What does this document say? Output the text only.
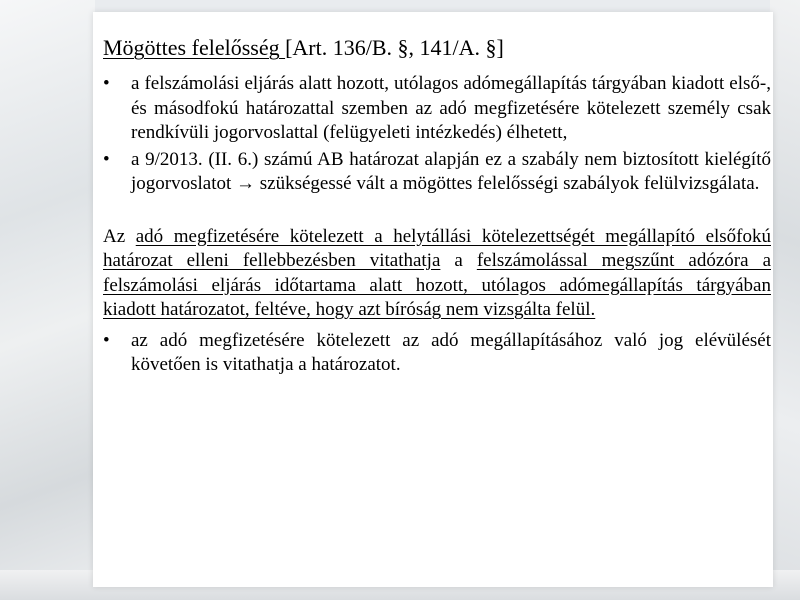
Mögöttes felelősség [Art. 136/B. §, 141/A. §]
• a felszámolási eljárás alatt hozott, utólagos adómegállapítás tárgyában kiadott első-, és másodfokú határozattal szemben az adó megfizetésére kötelezett személy csak rendkívüli jogorvoslattal (felügyeleti intézkedés) élhetett,
• a 9/2013. (II. 6.) számú AB határozat alapján ez a szabály nem biztosított kielégítő jogorvoslatot → szükségessé vált a mögöttes felelősségi szabályok felülvizsgálata.
Az adó megfizetésére kötelezett a helytállási kötelezettségét megállapító elsőfokú határozat elleni fellebbezésben vitathatja a felszámolással megszűnt adózóra a felszámolási eljárás időtartama alatt hozott, utólagos adómegállapítás tárgyában
kiadott határozatot, feltéve, hogy azt bíróság nem vizsgálta felül.
• az adó megfizetésére kötelezett az adó megállapításához való jog elévülését követően is vitathatja a határozatot.
